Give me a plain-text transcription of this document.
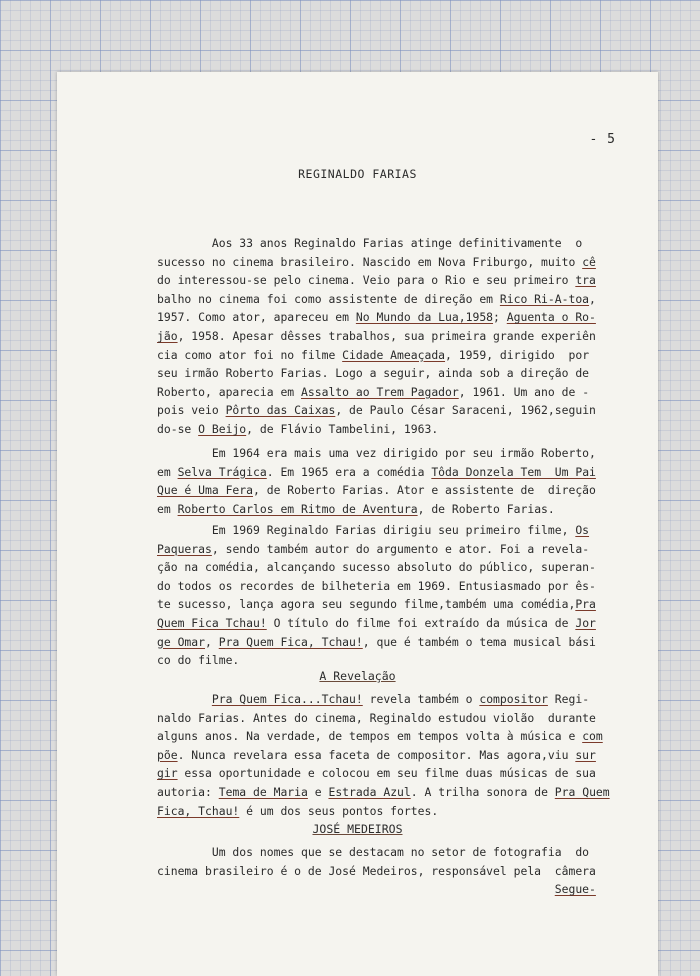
- 5
REGINALDO FARIAS
Aos 33 anos Reginaldo Farias atinge definitivamente  o
sucesso no cinema brasileiro. Nascido em Nova Friburgo, muito cê
do interessou-se pelo cinema. Veio para o Rio e seu primeiro tra
balho no cinema foi como assistente de direção em Rico Ri-A-toa,
1957. Como ator, apareceu em No Mundo da Lua,1958; Aguenta o Ro-
jão, 1958. Apesar dêsses trabalhos, sua primeira grande experiên
cia como ator foi no filme Cidade Ameaçada, 1959, dirigido  por
seu irmão Roberto Farias. Logo a seguir, ainda sob a direção de
Roberto, aparecia em Assalto ao Trem Pagador, 1961. Um ano de -
pois veio Pôrto das Caixas, de Paulo César Saraceni, 1962,seguin
do-se O Beijo, de Flávio Tambelini, 1963.
Em 1964 era mais uma vez dirigido por seu irmão Roberto,
em Selva Trágica. Em 1965 era a comédia Tôda Donzela Tem  Um Pai
Que é Uma Fera, de Roberto Farias. Ator e assistente de  direção
em Roberto Carlos em Ritmo de Aventura, de Roberto Farias.
Em 1969 Reginaldo Farias dirigiu seu primeiro filme, Os
Paqueras, sendo também autor do argumento e ator. Foi a revela-
ção na comédia, alcançando sucesso absoluto do público, superan-
do todos os recordes de bilheteria em 1969. Entusiasmado por ês-
te sucesso, lança agora seu segundo filme,também uma comédia,Pra
Quem Fica Tchau! O título do filme foi extraído da música de Jor
ge Omar, Pra Quem Fica, Tchau!, que é também o tema musical bási
co do filme.
A Revelação
Pra Quem Fica...Tchau! revela também o compositor Regi-
naldo Farias. Antes do cinema, Reginaldo estudou violão  durante
alguns anos. Na verdade, de tempos em tempos volta à música e com
põe. Nunca revelara essa faceta de compositor. Mas agora,viu sur
gir essa oportunidade e colocou em seu filme duas músicas de sua
autoria: Tema de Maria e Estrada Azul. A trilha sonora de Pra Quem
Fica, Tchau! é um dos seus pontos fortes.
JOSÉ MEDEIROS
Um dos nomes que se destacam no setor de fotografia  do
cinema brasileiro é o de José Medeiros, responsável pela  câmera
Segue-
